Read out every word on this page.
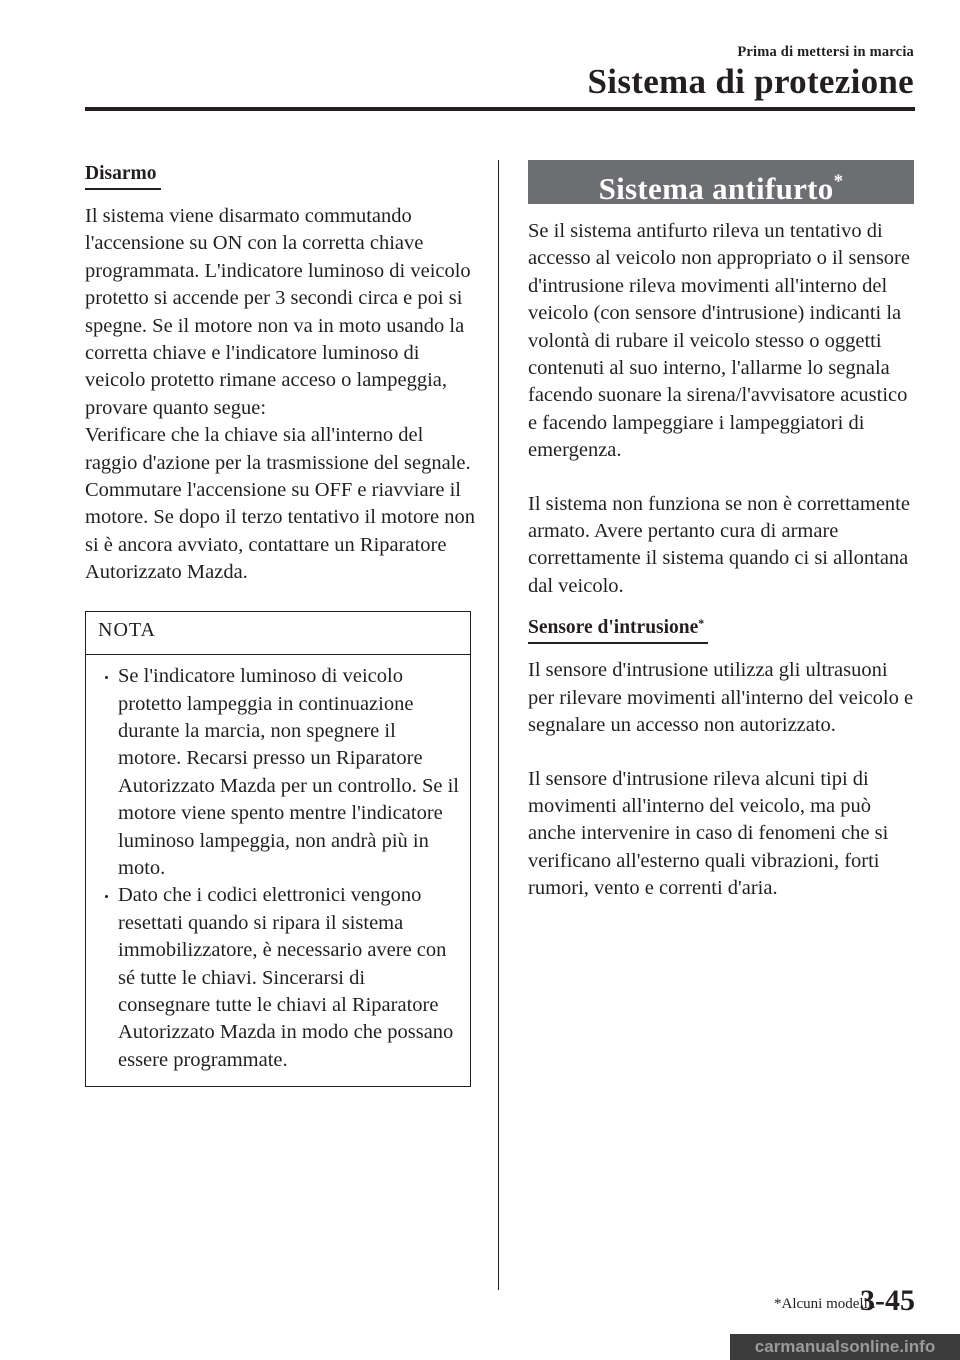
Prima di mettersi in marcia
Sistema di protezione
Disarmo

Il sistema viene disarmato commutando l'accensione su ON con la corretta chiave programmata. L'indicatore luminoso di veicolo protetto si accende per 3 secondi circa e poi si spegne. Se il motore non va in moto usando la corretta chiave e l'indicatore luminoso di veicolo protetto rimane acceso o lampeggia, provare quanto segue:

Verificare che la chiave sia all'interno del raggio d'azione per la trasmissione del segnale. Commutare l'accensione su OFF e riavviare il motore. Se dopo il terzo tentativo il motore non si è ancora avviato, contattare un Riparatore Autorizzato Mazda.

NOTA
Se l'indicatore luminoso di veicolo protetto lampeggia in continuazione durante la marcia, non spegnere il motore. Recarsi presso un Riparatore Autorizzato Mazda per un controllo. Se il motore viene spento mentre l'indicatore luminoso lampeggia, non andrà più in moto.
Dato che i codici elettronici vengono resettati quando si ripara il sistema immobilizzatore, è necessario avere con sé tutte le chiavi. Sincerarsi di consegnare tutte le chiavi al Riparatore Autorizzato Mazda in modo che possano essere programmate.
Sistema antifurto*

Se il sistema antifurto rileva un tentativo di accesso al veicolo non appropriato o il sensore d'intrusione rileva movimenti all'interno del veicolo (con sensore d'intrusione) indicanti la volontà di rubare il veicolo stesso o oggetti contenuti al suo interno, l'allarme lo segnala facendo suonare la sirena/l'avvisatore acustico e facendo lampeggiare i lampeggiatori di emergenza.

Il sistema non funziona se non è correttamente armato. Avere pertanto cura di armare correttamente il sistema quando ci si allontana dal veicolo.

Sensore d'intrusione*

Il sensore d'intrusione utilizza gli ultrasuoni per rilevare movimenti all'interno del veicolo e segnalare un accesso non autorizzato.

Il sensore d'intrusione rileva alcuni tipi di movimenti all'interno del veicolo, ma può anche intervenire in caso di fenomeni che si verificano all'esterno quali vibrazioni, forti rumori, vento e correnti d'aria.

*Alcuni modelli.
3-45
carmanualsonline.info
